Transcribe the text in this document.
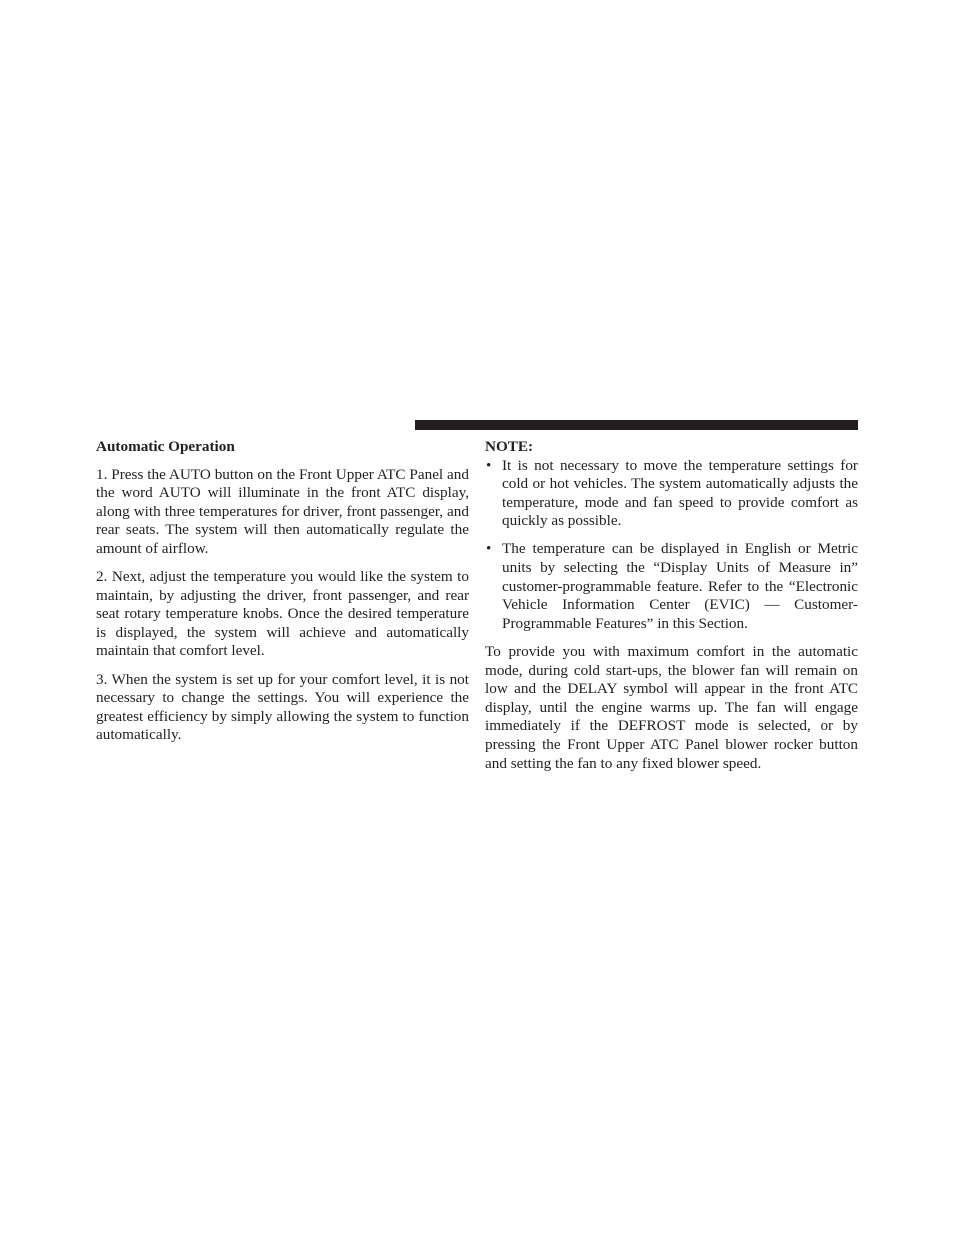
Automatic Operation

1. Press the AUTO button on the Front Upper ATC Panel and the word AUTO will illuminate in the front ATC display, along with three temperatures for driver, front passenger, and rear seats. The system will then automatically regulate the amount of airflow.

2. Next, adjust the temperature you would like the system to maintain, by adjusting the driver, front passenger, and rear seat rotary temperature knobs. Once the desired temperature is displayed, the system will achieve and automatically maintain that comfort level.

3. When the system is set up for your comfort level, it is not necessary to change the settings. You will experience the greatest efficiency by simply allowing the system to function automatically.

NOTE:
• It is not necessary to move the temperature settings for cold or hot vehicles. The system automatically adjusts the temperature, mode and fan speed to provide comfort as quickly as possible.
• The temperature can be displayed in English or Metric units by selecting the “Display Units of Measure in” customer-programmable feature. Refer to the “Electronic Vehicle Information Center (EVIC) — Customer-Programmable Features” in this Section.

To provide you with maximum comfort in the automatic mode, during cold start-ups, the blower fan will remain on low and the DELAY symbol will appear in the front ATC display, until the engine warms up. The fan will engage immediately if the DEFROST mode is selected, or by pressing the Front Upper ATC Panel blower rocker button and setting the fan to any fixed blower speed.
